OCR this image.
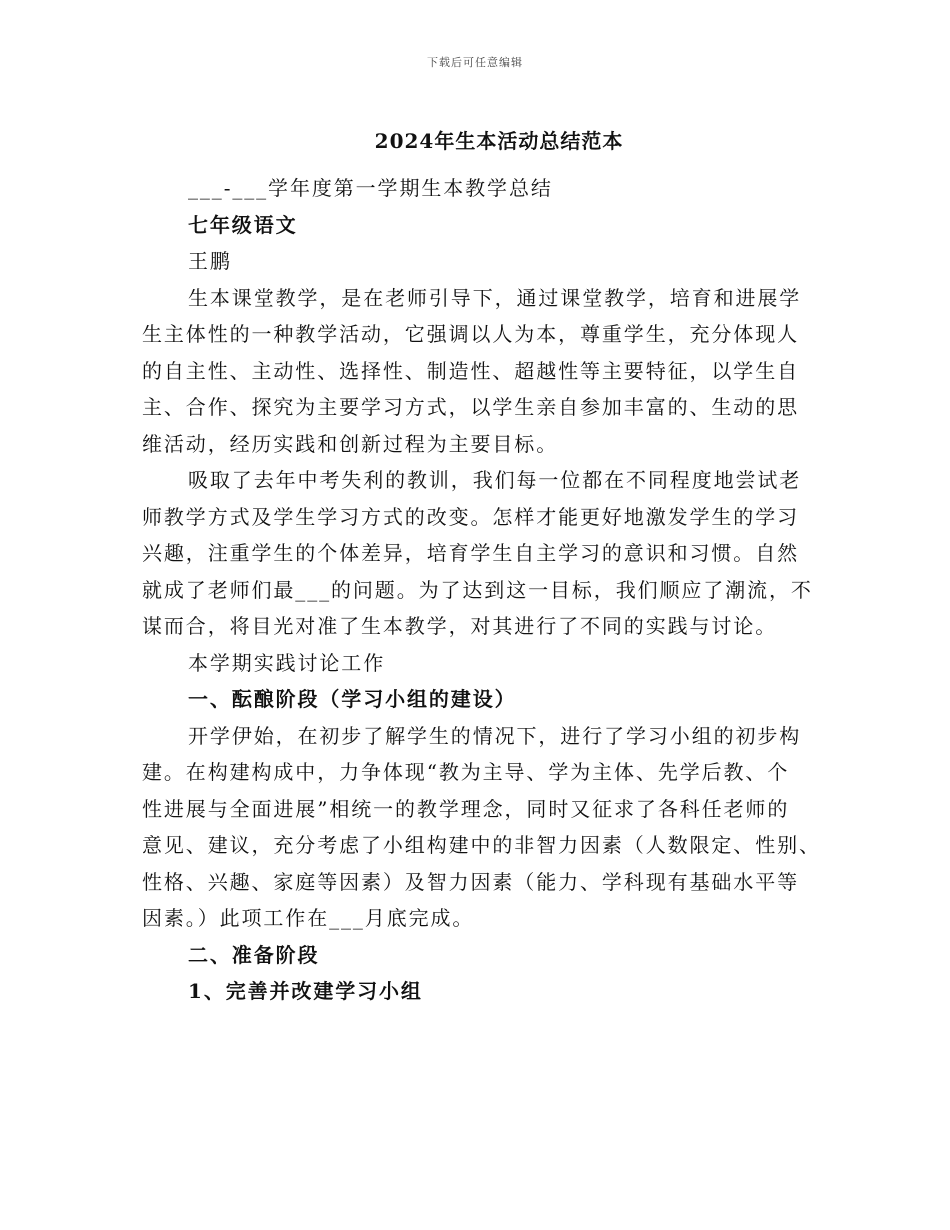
下载后可任意编辑
2024年生本活动总结范本
___-___学年度第一学期生本教学总结
七年级语文
王鹏
生本课堂教学，是在老师引导下，通过课堂教学，培育和进展学
生主体性的一种教学活动，它强调以人为本，尊重学生，充分体现人
的自主性、主动性、选择性、制造性、超越性等主要特征，以学生自
主、合作、探究为主要学习方式，以学生亲自参加丰富的、生动的思
维活动，经历实践和创新过程为主要目标。
吸取了去年中考失利的教训，我们每一位都在不同程度地尝试老
师教学方式及学生学习方式的改变。怎样才能更好地激发学生的学习
兴趣，注重学生的个体差异，培育学生自主学习的意识和习惯。自然
就成了老师们最___的问题。为了达到这一目标，我们顺应了潮流，不
谋而合，将目光对准了生本教学，对其进行了不同的实践与讨论。
本学期实践讨论工作
一、酝酿阶段（学习小组的建设）
开学伊始，在初步了解学生的情况下，进行了学习小组的初步构
建。在构建构成中，力争体现“教为主导、学为主体、先学后教、个
性进展与全面进展”相统一的教学理念，同时又征求了各科任老师的
意见、建议，充分考虑了小组构建中的非智力因素（人数限定、性别、
性格、兴趣、家庭等因素）及智力因素（能力、学科现有基础水平等
因素。）此项工作在___月底完成。
二、准备阶段
1、完善并改建学习小组
